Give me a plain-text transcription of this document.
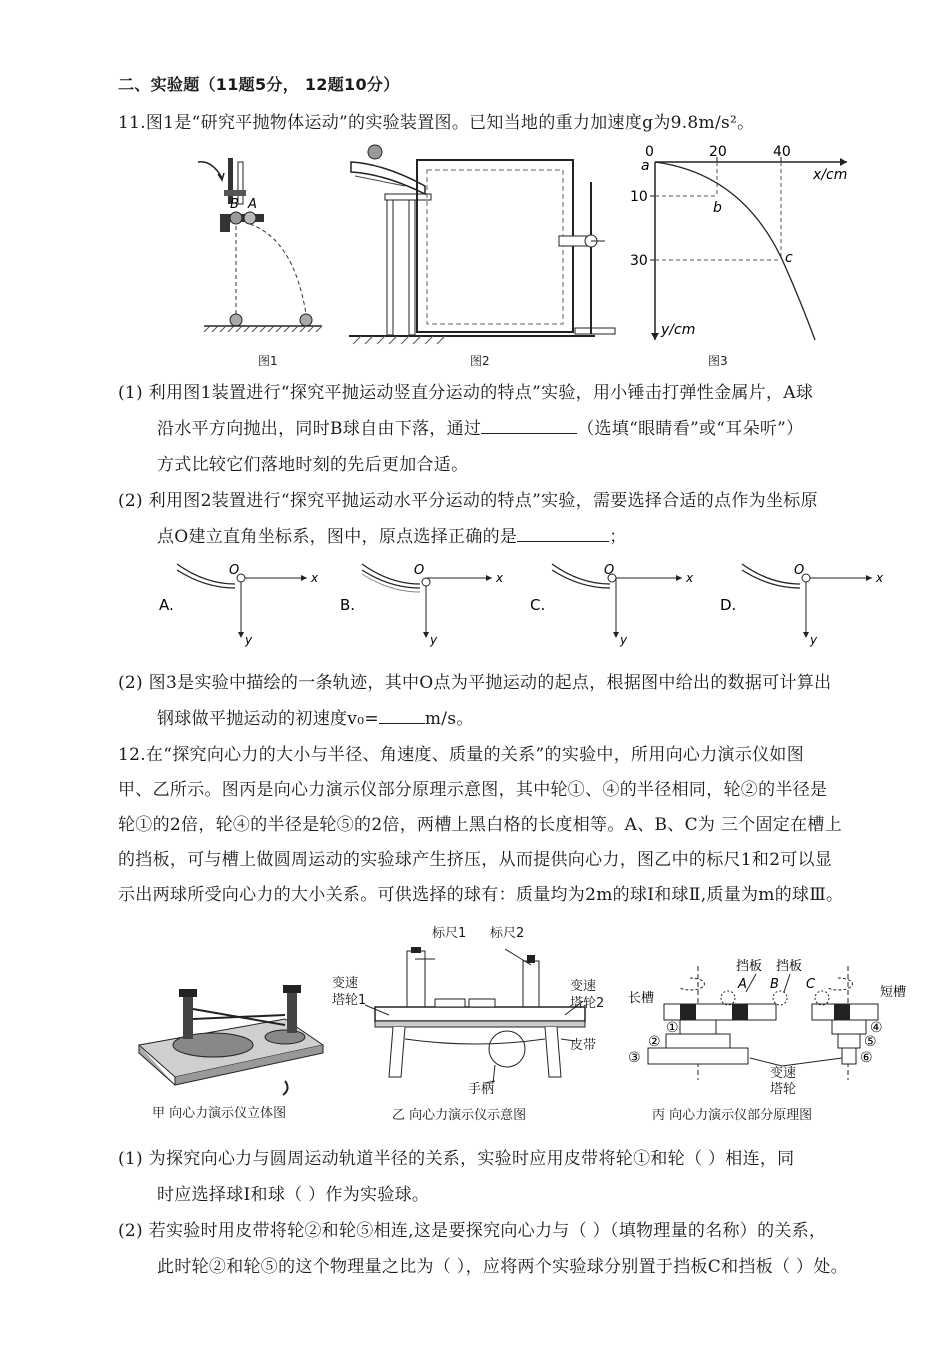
二、实验题（11题5分， 12题10分）
11.图1是“研究平抛物体运动”的实验装置图。已知当地的重力加速度g为9.8m/s²。
B A
图1	图2
0	20	40
10
30
x/cm
y/cm
a
b
c
图3
(1) 利用图1装置进行“探究平抛运动竖直分运动的特点”实验，用小锤击打弹性金属片，A球
沿水平方向抛出，同时B球自由下落，通过	（选填“眼睛看”或“耳朵听”）
方式比较它们落地时刻的先后更加合适。
(2) 利用图2装置进行“探究平抛运动水平分运动的特点”实验，需要选择合适的点作为坐标原
点O建立直角坐标系，图中，原点选择正确的是	；
O	x
y
A.
O	x
y
B.
O	x
y
C.
O	x
y
D.
(2) 图3是实验中描绘的一条轨迹，其中O点为平抛运动的起点，根据图中给出的数据可计算出
钢球做平抛运动的初速度v₀=	m/s。
12.在“探究向心力的大小与半径、角速度、质量的关系”的实验中，所用向心力演示仪如图
甲、乙所示。图丙是向心力演示仪部分原理示意图，其中轮①、④的半径相同，轮②的半径是
轮①的2倍，轮④的半径是轮⑤的2倍，两槽上黑白格的长度相等。A、B、C为 三个固定在槽上
的挡板，可与槽上做圆周运动的实验球产生挤压，从而提供向心力，图乙中的标尺1和2可以显
示出两球所受向心力的大小关系。可供选择的球有：质量均为2m的球Ⅰ和球Ⅱ,质量为m的球Ⅲ。
甲 向心力演示仪立体图
标尺1 标尺2
变速
塔轮1
变速
塔轮2
皮带
手柄
乙 向心力演示仪示意图
挡板 挡板
A B C
长槽	短槽
①
②
③
④
⑤
⑥
变速
塔轮
丙 向心力演示仪部分原理图
(1) 为探究向心力与圆周运动轨道半径的关系，实验时应用皮带将轮①和轮（ ）相连，同
时应选择球Ⅰ和球（ ）作为实验球。
(2) 若实验时用皮带将轮②和轮⑤相连,这是要探究向心力与（ ）（填物理量的名称）的关系，
此时轮②和轮⑤的这个物理量之比为（ ），应将两个实验球分别置于挡板C和挡板（ ）处。
